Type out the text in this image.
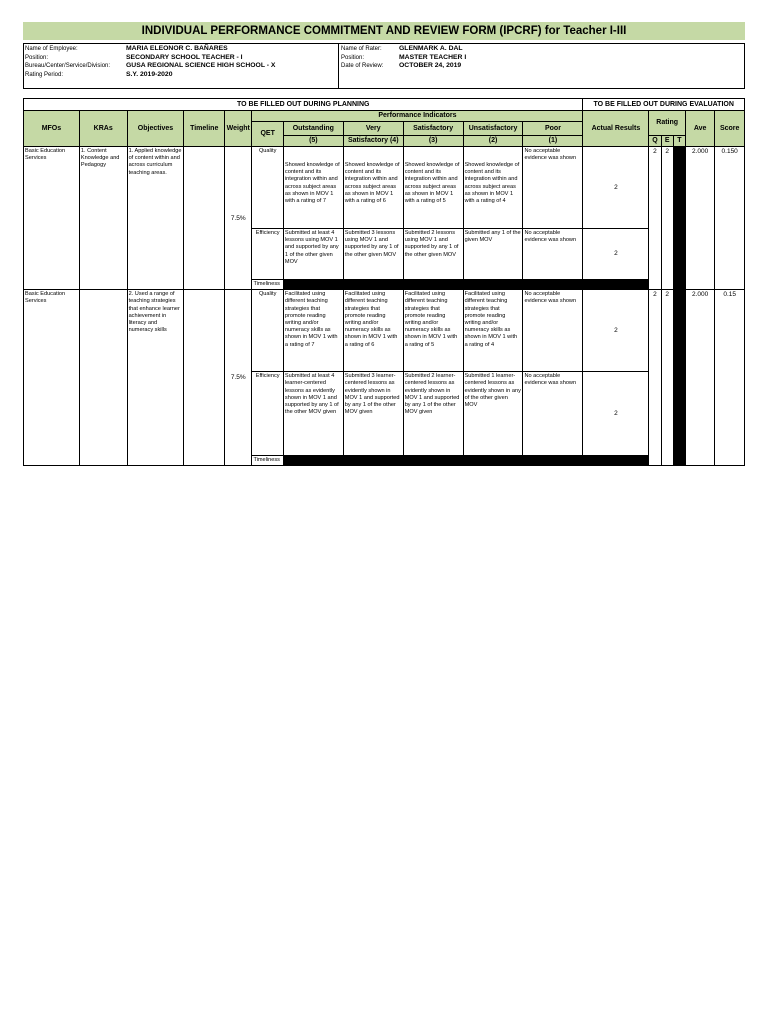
INDIVIDUAL PERFORMANCE COMMITMENT AND REVIEW FORM (IPCRF) for Teacher I-III
Name of Employee:
Position:
Bureau/Center/Service/Division:
Rating Period:
MARIA ELEONOR C. BAÑARES
SECONDARY SCHOOL TEACHER - I
GUSA REGIONAL SCIENCE HIGH SCHOOL - X
S.Y. 2019-2020
Name of Rater:
Position:
Date of Review:
GLENMARK A. DAL
MASTER TEACHER I
OCTOBER 24, 2019
TO BE FILLED OUT DURING PLANNING											TO BE FILLED OUT DURING EVALUATION					
MFOs	KRAs	Objectives	Timeline	Weight	Performance Indicators						Actual Results	Rating			Ave	Score
					QET	Outstanding	Very	Satisfactory	Unsatisfactory	Poor						
						(5)	Satisfactory (4)	(3)	(2)	(1)		Q	E	T		
Basic Education Services	1. Content Knowledge and Pedagogy	1. Applied knowledge of content within and across curriculum teaching areas.		7.5%	Quality	Showed knowledge of content and its integration within and across subject areas as shown in MOV 1 with a rating of 7	Showed knowledge of content and its integration within and across subject areas as shown in MOV 1 with a rating of 6	Showed knowledge of content and its integration within and across subject areas as shown in MOV 1 with a rating of 5	Showed knowledge of content and its integration within and across subject areas as shown in MOV 1 with a rating of 4	No acceptable evidence was shown	2	2	2		2.000	0.150
					Efficiency	Submitted at least 4 lessons using MOV 1 and supported by any 1 of the other given MOV	Submitted 3 lessons using MOV 1 and supported by any 1 of the other given MOV	Submitted 2 lessons using MOV 1 and supported by any 1 of the other given MOV	Submitted any 1 of the given MOV	No acceptable evidence was shown	2					
					Timeliness											
Basic Education Services		2. Used a range of teaching strategies that enhance learner achievement in literacy and numeracy skills		7.5%	Quality	Facilitated using different teaching strategies that promote reading writing and/or numeracy skills as shown in MOV 1 with a rating of 7	Facilitated using different teaching strategies that promote reading writing and/or numeracy skills as shown in MOV 1 with a rating of 6	Facilitated using different teaching strategies that promote reading writing and/or numeracy skills as shown in MOV 1 with a rating of 5	Facilitated using different teaching strategies that promote reading writing and/or numeracy skills as shown in MOV 1 with a rating of 4	No acceptable evidence was shown	2	2	2		2.000	0.15
					Efficiency	Submitted at least 4 learner-centered lessons as evidently shown in MOV 1 and supported by any 1 of the other MOV given	Submitted 3 learner-centered lessons as evidently shown in MOV 1 and supported by any 1 of the other MOV given	Submitted 2 learner-centered lessons as evidently shown in MOV 1 and supported by any 1 of the other MOV given	Submitted 1 learner-centered lessons as evidently shown in any of the other given MOV	No acceptable evidence was shown	2					
					Timeliness											
